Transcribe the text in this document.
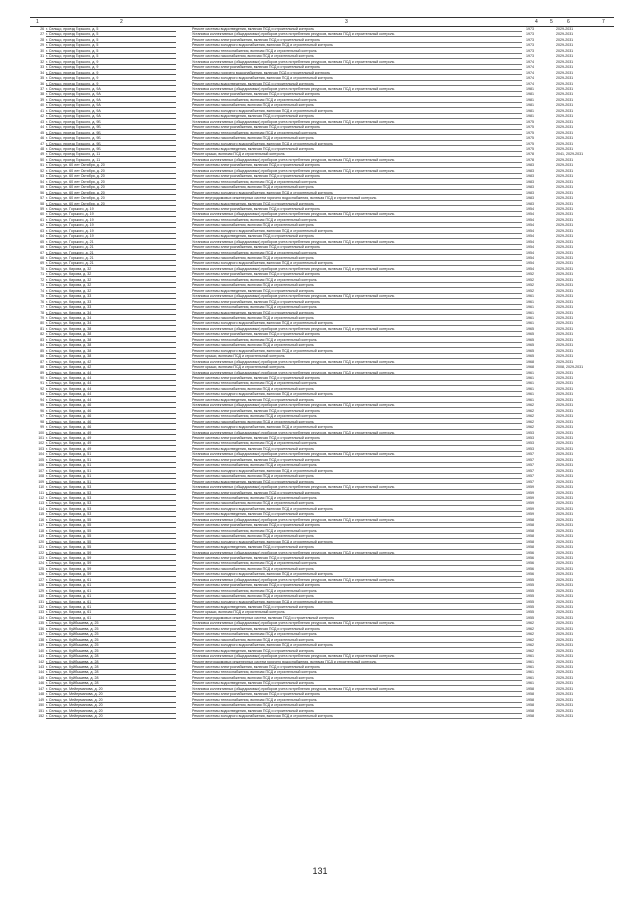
1	2	3	4 5	6	7
26 г. Сельцо, проезд Горького, д. 5	Ремонт системы водоотведения, включая ПСД и строительный контроль	1973	2029-2031
27 г. Сельцо, проезд Горького, д. 5	Установка коллективных (общедомовых) приборов учета потребления ресурсов, включая ПСД и строительный контроль	1973	2029-2031
28 г. Сельцо, проезд Горького, д. 5	Ремонт системы электроснабжения, включая ПСД и строительный контроль	1973	2029-2031
29 г. Сельцо, проезд Горького, д. 5	Ремонт системы холодного водоснабжения, включая ПСД и строительный контроль	1973	2029-2031
30 г. Сельцо, проезд Горького, д. 5	Ремонт системы теплоснабжения, включая ПСД и строительный контроль	1973	2029-2031
31 г. Сельцо, проезд Горького, д. 5	Ремонт системы газоснабжения, включая ПСД и строительный контроль	1973	2029-2031
32 г. Сельцо, проезд Горького, д. 9	Установка коллективных (общедомовых) приборов учета потребления ресурсов, включая ПСД и строительный контроль	1974	2029-2031
33 г. Сельцо, проезд Горького, д. 9	Ремонт системы электроснабжения, включая ПСД и строительный контроль	1974	2029-2031
34 г. Сельцо, проезд Горького, д. 9	Ремонт системы горячего водоснабжения, включая ПСД и строительный контроль	1974	2029-2031
35 г. Сельцо, проезд Горького, д. 9	Ремонт системы холодного водоснабжения, включая ПСД и строительный контроль	1974	2029-2031
36 г. Сельцо, проезд Горького, д. 9	Ремонт системы водоотведения, включая ПСД и строительный контроль	1974	2029-2031
37 г. Сельцо, проезд Горького, д. 9А	Установка коллективных (общедомовых) приборов учета потребления ресурсов, включая ПСД и строительный контроль	1981	2029-2031
38 г. Сельцо, проезд Горького, д. 9А	Ремонт системы электроснабжения, включая ПСД и строительный контроль	1981	2029-2031
39 г. Сельцо, проезд Горького, д. 9А	Ремонт системы теплоснабжения, включая ПСД и строительный контроль	1981	2029-2031
40 г. Сельцо, проезд Горького, д. 9А	Ремонт системы газоснабжения, включая ПСД и строительный контроль	1981	2029-2031
41 г. Сельцо, проезд Горького, д. 9А	Ремонт системы холодного водоснабжения, включая ПСД и строительный контроль	1981	2029-2031
42 г. Сельцо, проезд Горького, д. 9А	Ремонт системы водоотведения, включая ПСД и строительный контроль	1981	2029-2031
43 г. Сельцо, проезд Горького, д. 9Б	Установка коллективных (общедомовых) приборов учета потребления ресурсов, включая ПСД и строительный контроль	1975	2029-2031
44 г. Сельцо, проезд Горького, д. 9Б	Ремонт системы электроснабжения, включая ПСД и строительный контроль	1975	2029-2031
45 г. Сельцо, проезд Горького, д. 9Б	Ремонт системы теплоснабжения, включая ПСД и строительный контроль	1975	2029-2031
46 г. Сельцо, проезд Горького, д. 9Б	Ремонт системы газоснабжения, включая ПСД и строительный контроль	1975	2029-2031
47 г. Сельцо, проезд Горького, д. 9Б	Ремонт системы холодного водоснабжения, включая ПСД и строительный контроль	1975	2029-2031
48 г. Сельцо, проезд Горького, д. 9Б	Ремонт системы водоотведения, включая ПСД и строительный контроль	1975	2029-2031
49 г. Сельцо, проезд Горького, д. 11	Ремонт крыши, включая ПСД и строительный контроль	1978	2041, 2029-2031
50 г. Сельцо, проезд Горького, д. 11	Установка коллективных (общедомовых) приборов учета потребления ресурсов, включая ПСД и строительный контроль	1978	2029-2031
51 г. Сельцо, ул. 60 лет Октября, д. 20	Ремонт системы электроснабжения, включая ПСД и строительный контроль	1983	2029-2031
52 г. Сельцо, ул. 60 лет Октября, д. 20	Установка коллективных (общедомовых) приборов учета потребления ресурсов, включая ПСД и строительный контроль	1983	2029-2031
53 г. Сельцо, ул. 60 лет Октября, д. 20	Ремонт системы электроснабжения, включая ПСД и строительный контроль	1983	2029-2031
54 г. Сельцо, ул. 60 лет Октября, д. 20	Ремонт системы теплоснабжения, включая ПСД и строительный контроль	1983	2029-2031
55 г. Сельцо, ул. 60 лет Октября, д. 20	Ремонт системы газоснабжения, включая ПСД и строительный контроль	1983	2029-2031
56 г. Сельцо, ул. 60 лет Октября, д. 20	Ремонт системы холодного водоснабжения, включая ПСД и строительный контроль	1983	2029-2031
57 г. Сельцо, ул. 60 лет Октября, д. 20	Ремонт внутридомовых инженерных систем горячего водоснабжения, включая ПСД и строительный контроль	1983	2029-2031
58 г. Сельцо, ул. 60 лет Октября, д. 20	Ремонт системы водоотведения, включая ПСД и строительный контроль	1983	2029-2031
59 г. Сельцо, ул. Горького, д. 19	Ремонт системы электроснабжения, включая ПСД и строительный контроль	1954	2029-2031
60 г. Сельцо, ул. Горького, д. 19	Установка коллективных (общедомовых) приборов учета потребления ресурсов, включая ПСД и строительный контроль	1954	2029-2031
61 г. Сельцо, ул. Горького, д. 19	Ремонт системы теплоснабжения, включая ПСД и строительный контроль	1954	2029-2031
62 г. Сельцо, ул. Горького, д. 19	Ремонт системы газоснабжения, включая ПСД и строительный контроль	1954	2029-2031
63 г. Сельцо, ул. Горького, д. 19	Ремонт системы холодного водоснабжения, включая ПСД и строительный контроль	1954	2029-2031
64 г. Сельцо, ул. Горького, д. 19	Ремонт системы водоотведения, включая ПСД и строительный контроль	1954	2029-2031
65 г. Сельцо, ул. Горького, д. 21	Установка коллективных (общедомовых) приборов учета потребления ресурсов, включая ПСД и строительный контроль	1954	2029-2031
66 г. Сельцо, ул. Горького, д. 21	Ремонт системы электроснабжения, включая ПСД и строительный контроль	1954	2029-2031
67 г. Сельцо, ул. Горького, д. 21	Ремонт системы теплоснабжения, включая ПСД и строительный контроль	1954	2029-2031
68 г. Сельцо, ул. Горького, д. 21	Ремонт системы газоснабжения, включая ПСД и строительный контроль	1954	2029-2031
69 г. Сельцо, ул. Горького, д. 21	Ремонт системы холодного водоснабжения, включая ПСД и строительный контроль	1954	2029-2031
70 г. Сельцо, ул. Кирова, д. 32	Установка коллективных (общедомовых) приборов учета потребления ресурсов, включая ПСД и строительный контроль	1954	2029-2031
71 г. Сельцо, ул. Кирова, д. 32	Ремонт системы электроснабжения, включая ПСД и строительный контроль	1952	2029-2031
72 г. Сельцо, ул. Кирова, д. 32	Ремонт системы теплоснабжения, включая ПСД и строительный контроль	1952	2029-2031
73 г. Сельцо, ул. Кирова, д. 32	Ремонт системы газоснабжения, включая ПСД и строительный контроль	1952	2029-2031
74 г. Сельцо, ул. Кирова, д. 32	Ремонт системы водоотведения, включая ПСД и строительный контроль	1952	2029-2031
75 г. Сельцо, ул. Кирова, д. 33	Установка коллективных (общедомовых) приборов учета потребления ресурсов, включая ПСД и строительный контроль	1961	2029-2031
76 г. Сельцо, ул. Кирова, д. 33	Ремонт системы электроснабжения, включая ПСД и строительный контроль	1961	2029-2031
77 г. Сельцо, ул. Кирова, д. 33	Ремонт системы теплоснабжения, включая ПСД и строительный контроль	1961	2029-2031
78 г. Сельцо, ул. Кирова, д. 34	Ремонт системы водоотведения, включая ПСД и строительный контроль	1961	2029-2031
79 г. Сельцо, ул. Кирова, д. 34	Ремонт системы газоснабжения, включая ПСД и строительный контроль	1961	2029-2031
80 г. Сельцо, ул. Кирова, д. 34	Ремонт системы холодного водоснабжения, включая ПСД и строительный контроль	1961	2029-2031
81 г. Сельцо, ул. Кирова, д. 38	Установка коллективных (общедомовых) приборов учета потребления ресурсов, включая ПСД и строительный контроль	1965	2029-2031
82 г. Сельцо, ул. Кирова, д. 38	Ремонт системы электроснабжения, включая ПСД и строительный контроль	1965	2029-2031
83 г. Сельцо, ул. Кирова, д. 38	Ремонт системы теплоснабжения, включая ПСД и строительный контроль	1965	2029-2031
84 г. Сельцо, ул. Кирова, д. 38	Ремонт системы газоснабжения, включая ПСД и строительный контроль	1965	2029-2031
85 г. Сельцо, ул. Кирова, д. 38	Ремонт системы холодного водоснабжения, включая ПСД и строительный контроль	1965	2029-2031
86 г. Сельцо, ул. Кирова, д. 38	Ремонт крыши, включая ПСД и строительный контроль	1965	2029-2031
87 г. Сельцо, ул. Кирова, д. 42	Установка коллективных (общедомовых) приборов учета потребления ресурсов, включая ПСД и строительный контроль	1968	2029-2031
88 г. Сельцо, ул. Кирова, д. 42	Ремонт крыши, включая ПСД и строительный контроль	1968	2008, 2029-2031
89 г. Сельцо, ул. Кирова, д. 44	Установка коллективных (общедомовых) приборов учета потребления ресурсов, включая ПСД и строительный контроль	1961	2029-2031
90 г. Сельцо, ул. Кирова, д. 44	Ремонт системы электроснабжения, включая ПСД и строительный контроль	1961	2029-2031
91 г. Сельцо, ул. Кирова, д. 44	Ремонт системы теплоснабжения, включая ПСД и строительный контроль	1961	2029-2031
92 г. Сельцо, ул. Кирова, д. 44	Ремонт системы газоснабжения, включая ПСД и строительный контроль	1961	2029-2031
93 г. Сельцо, ул. Кирова, д. 44	Ремонт системы холодного водоснабжения, включая ПСД и строительный контроль	1961	2029-2031
94 г. Сельцо, ул. Кирова, д. 44	Ремонт системы водоотведения, включая ПСД и строительный контроль	1961	2029-2031
95 г. Сельцо, ул. Кирова, д. 46	Установка коллективных (общедомовых) приборов учета потребления ресурсов, включая ПСД и строительный контроль	1962	2029-2031
96 г. Сельцо, ул. Кирова, д. 46	Ремонт системы электроснабжения, включая ПСД и строительный контроль	1962	2029-2031
97 г. Сельцо, ул. Кирова, д. 46	Ремонт системы теплоснабжения, включая ПСД и строительный контроль	1962	2029-2031
98 г. Сельцо, ул. Кирова, д. 46	Ремонт системы газоснабжения, включая ПСД и строительный контроль	1962	2029-2031
99 г. Сельцо, ул. Кирова, д. 46	Ремонт системы холодного водоснабжения, включая ПСД и строительный контроль	1962	2029-2031
100 г. Сельцо, ул. Кирова, д. 49	Установка коллективных (общедомовых) приборов учета потребления ресурсов, включая ПСД и строительный контроль	1953	2029-2031
101 г. Сельцо, ул. Кирова, д. 49	Ремонт системы электроснабжения, включая ПСД и строительный контроль	1953	2029-2031
102 г. Сельцо, ул. Кирова, д. 49	Ремонт системы теплоснабжения, включая ПСД и строительный контроль	1953	2029-2031
103 г. Сельцо, ул. Кирова, д. 49	Ремонт системы водоотведения, включая ПСД и строительный контроль	1953	2029-2031
104 г. Сельцо, ул. Кирова, д. 51	Установка коллективных (общедомовых) приборов учета потребления ресурсов, включая ПСД и строительный контроль	1957	2029-2031
105 г. Сельцо, ул. Кирова, д. 51	Ремонт системы электроснабжения, включая ПСД и строительный контроль	1957	2029-2031
106 г. Сельцо, ул. Кирова, д. 51	Ремонт системы теплоснабжения, включая ПСД и строительный контроль	1957	2029-2031
107 г. Сельцо, ул. Кирова, д. 51	Ремонт системы холодного водоснабжения, включая ПСД и строительный контроль	1957	2029-2031
108 г. Сельцо, ул. Кирова, д. 51	Ремонт системы газоснабжения, включая ПСД и строительный контроль	1957	2029-2031
109 г. Сельцо, ул. Кирова, д. 51	Ремонт системы водоотведения, включая ПСД и строительный контроль	1957	2029-2031
110 г. Сельцо, ул. Кирова, д. 53	Установка коллективных (общедомовых) приборов учета потребления ресурсов, включая ПСД и строительный контроль	1959	2029-2031
111 г. Сельцо, ул. Кирова, д. 53	Ремонт системы электроснабжения, включая ПСД и строительный контроль	1959	2029-2031
112 г. Сельцо, ул. Кирова, д. 53	Ремонт системы теплоснабжения, включая ПСД и строительный контроль	1959	2029-2031
113 г. Сельцо, ул. Кирова, д. 53	Ремонт системы газоснабжения, включая ПСД и строительный контроль	1959	2029-2031
114 г. Сельцо, ул. Кирова, д. 53	Ремонт системы холодного водоснабжения, включая ПСД и строительный контроль	1959	2029-2031
115 г. Сельцо, ул. Кирова, д. 53	Ремонт системы водоотведения, включая ПСД и строительный контроль	1959	2029-2031
116 г. Сельцо, ул. Кирова, д. 55	Установка коллективных (общедомовых) приборов учета потребления ресурсов, включая ПСД и строительный контроль	1958	2029-2031
117 г. Сельцо, ул. Кирова, д. 55	Ремонт системы электроснабжения, включая ПСД и строительный контроль	1958	2029-2031
118 г. Сельцо, ул. Кирова, д. 55	Ремонт системы теплоснабжения, включая ПСД и строительный контроль	1958	2029-2031
119 г. Сельцо, ул. Кирова, д. 55	Ремонт системы газоснабжения, включая ПСД и строительный контроль	1958	2029-2031
120 г. Сельцо, ул. Кирова, д. 55	Ремонт системы холодного водоснабжения, включая ПСД и строительный контроль	1958	2029-2031
121 г. Сельцо, ул. Кирова, д. 55	Ремонт системы водоотведения, включая ПСД и строительный контроль	1958	2029-2031
122 г. Сельцо, ул. Кирова, д. 59	Установка коллективных (общедомовых) приборов учета потребления ресурсов, включая ПСД и строительный контроль	1956	2029-2031
123 г. Сельцо, ул. Кирова, д. 59	Ремонт системы электроснабжения, включая ПСД и строительный контроль	1956	2029-2031
124 г. Сельцо, ул. Кирова, д. 59	Ремонт системы теплоснабжения, включая ПСД и строительный контроль	1956	2029-2031
125 г. Сельцо, ул. Кирова, д. 59	Ремонт системы газоснабжения, включая ПСД и строительный контроль	1956	2029-2031
126 г. Сельцо, ул. Кирова, д. 59	Ремонт системы холодного водоснабжения, включая ПСД и строительный контроль	1956	2029-2031
127 г. Сельцо, ул. Кирова, д. 61	Установка коллективных (общедомовых) приборов учета потребления ресурсов, включая ПСД и строительный контроль	1955	2029-2031
128 г. Сельцо, ул. Кирова, д. 61	Ремонт системы электроснабжения, включая ПСД и строительный контроль	1955	2029-2031
129 г. Сельцо, ул. Кирова, д. 61	Ремонт системы теплоснабжения, включая ПСД и строительный контроль	1955	2029-2031
130 г. Сельцо, ул. Кирова, д. 61	Ремонт системы газоснабжения, включая ПСД и строительный контроль	1955	2029-2031
131 г. Сельцо, ул. Кирова, д. 61	Ремонт системы холодного водоснабжения, включая ПСД и строительный контроль	1955	2029-2031
132 г. Сельцо, ул. Кирова, д. 61	Ремонт системы водоотведения, включая ПСД и строительный контроль	1955	2029-2031
133 г. Сельцо, ул. Кирова, д. 61	Ремонт крыши, включая ПСД и строительный контроль	1955	2029-2031
134 г. Сельцо, ул. Кирова, д. 61	Ремонт внутридомовых инженерных систем, включая ПСД и строительный контроль	1955	2029-2031
135 г. Сельцо, ул. Куйбышева, д. 25	Установка коллективных (общедомовых) приборов учета потребления ресурсов, включая ПСД и строительный контроль	1962	2029-2031
136 г. Сельцо, ул. Куйбышева, д. 25	Ремонт системы электроснабжения, включая ПСД и строительный контроль	1962	2029-2031
137 г. Сельцо, ул. Куйбышева, д. 25	Ремонт системы теплоснабжения, включая ПСД и строительный контроль	1962	2029-2031
138 г. Сельцо, ул. Куйбышева, д. 25	Ремонт системы газоснабжения, включая ПСД и строительный контроль	1962	2029-2031
139 г. Сельцо, ул. Куйбышева, д. 25	Ремонт системы холодного водоснабжения, включая ПСД и строительный контроль	1962	2029-2031
140 г. Сельцо, ул. Куйбышева, д. 25	Ремонт системы водоотведения, включая ПСД и строительный контроль	1962	2029-2031
141 г. Сельцо, ул. Куйбышева, д. 28	Установка коллективных (общедомовых) приборов учета потребления ресурсов, включая ПСД и строительный контроль	1961	2029-2031
142 г. Сельцо, ул. Куйбышева, д. 28	Ремонт внутридомовых инженерных систем горячего водоснабжения, включая ПСД и строительный контроль	1961	2029-2031
143 г. Сельцо, ул. Куйбышева, д. 28	Ремонт системы электроснабжения, включая ПСД и строительный контроль	1961	2029-2031
144 г. Сельцо, ул. Куйбышева, д. 28	Ремонт системы теплоснабжения, включая ПСД и строительный контроль	1961	2029-2031
145 г. Сельцо, ул. Куйбышева, д. 28	Ремонт системы газоснабжения, включая ПСД и строительный контроль	1961	2029-2031
146 г. Сельцо, ул. Куйбышева, д. 28	Ремонт системы водоотведения, включая ПСД и строительный контроль	1961	2029-2031
147 г. Сельцо, ул. Мейерманова, д. 20	Установка коллективных (общедомовых) приборов учета потребления ресурсов, включая ПСД и строительный контроль	1958	2029-2031
148 г. Сельцо, ул. Мейерманова, д. 20	Ремонт системы электроснабжения, включая ПСД и строительный контроль	1958	2029-2031
149 г. Сельцо, ул. Мейерманова, д. 20	Ремонт системы теплоснабжения, включая ПСД и строительный контроль	1958	2029-2031
150 г. Сельцо, ул. Мейерманова, д. 20	Ремонт системы газоснабжения, включая ПСД и строительный контроль	1958	2029-2031
151 г. Сельцо, ул. Мейерманова, д. 20	Ремонт системы водоотведения, включая ПСД и строительный контроль	1958	2029-2031
152 г. Сельцо, ул. Мейерманова, д. 20	Ремонт системы холодного водоснабжения, включая ПСД и строительный контроль	1958	2029-2031
131
